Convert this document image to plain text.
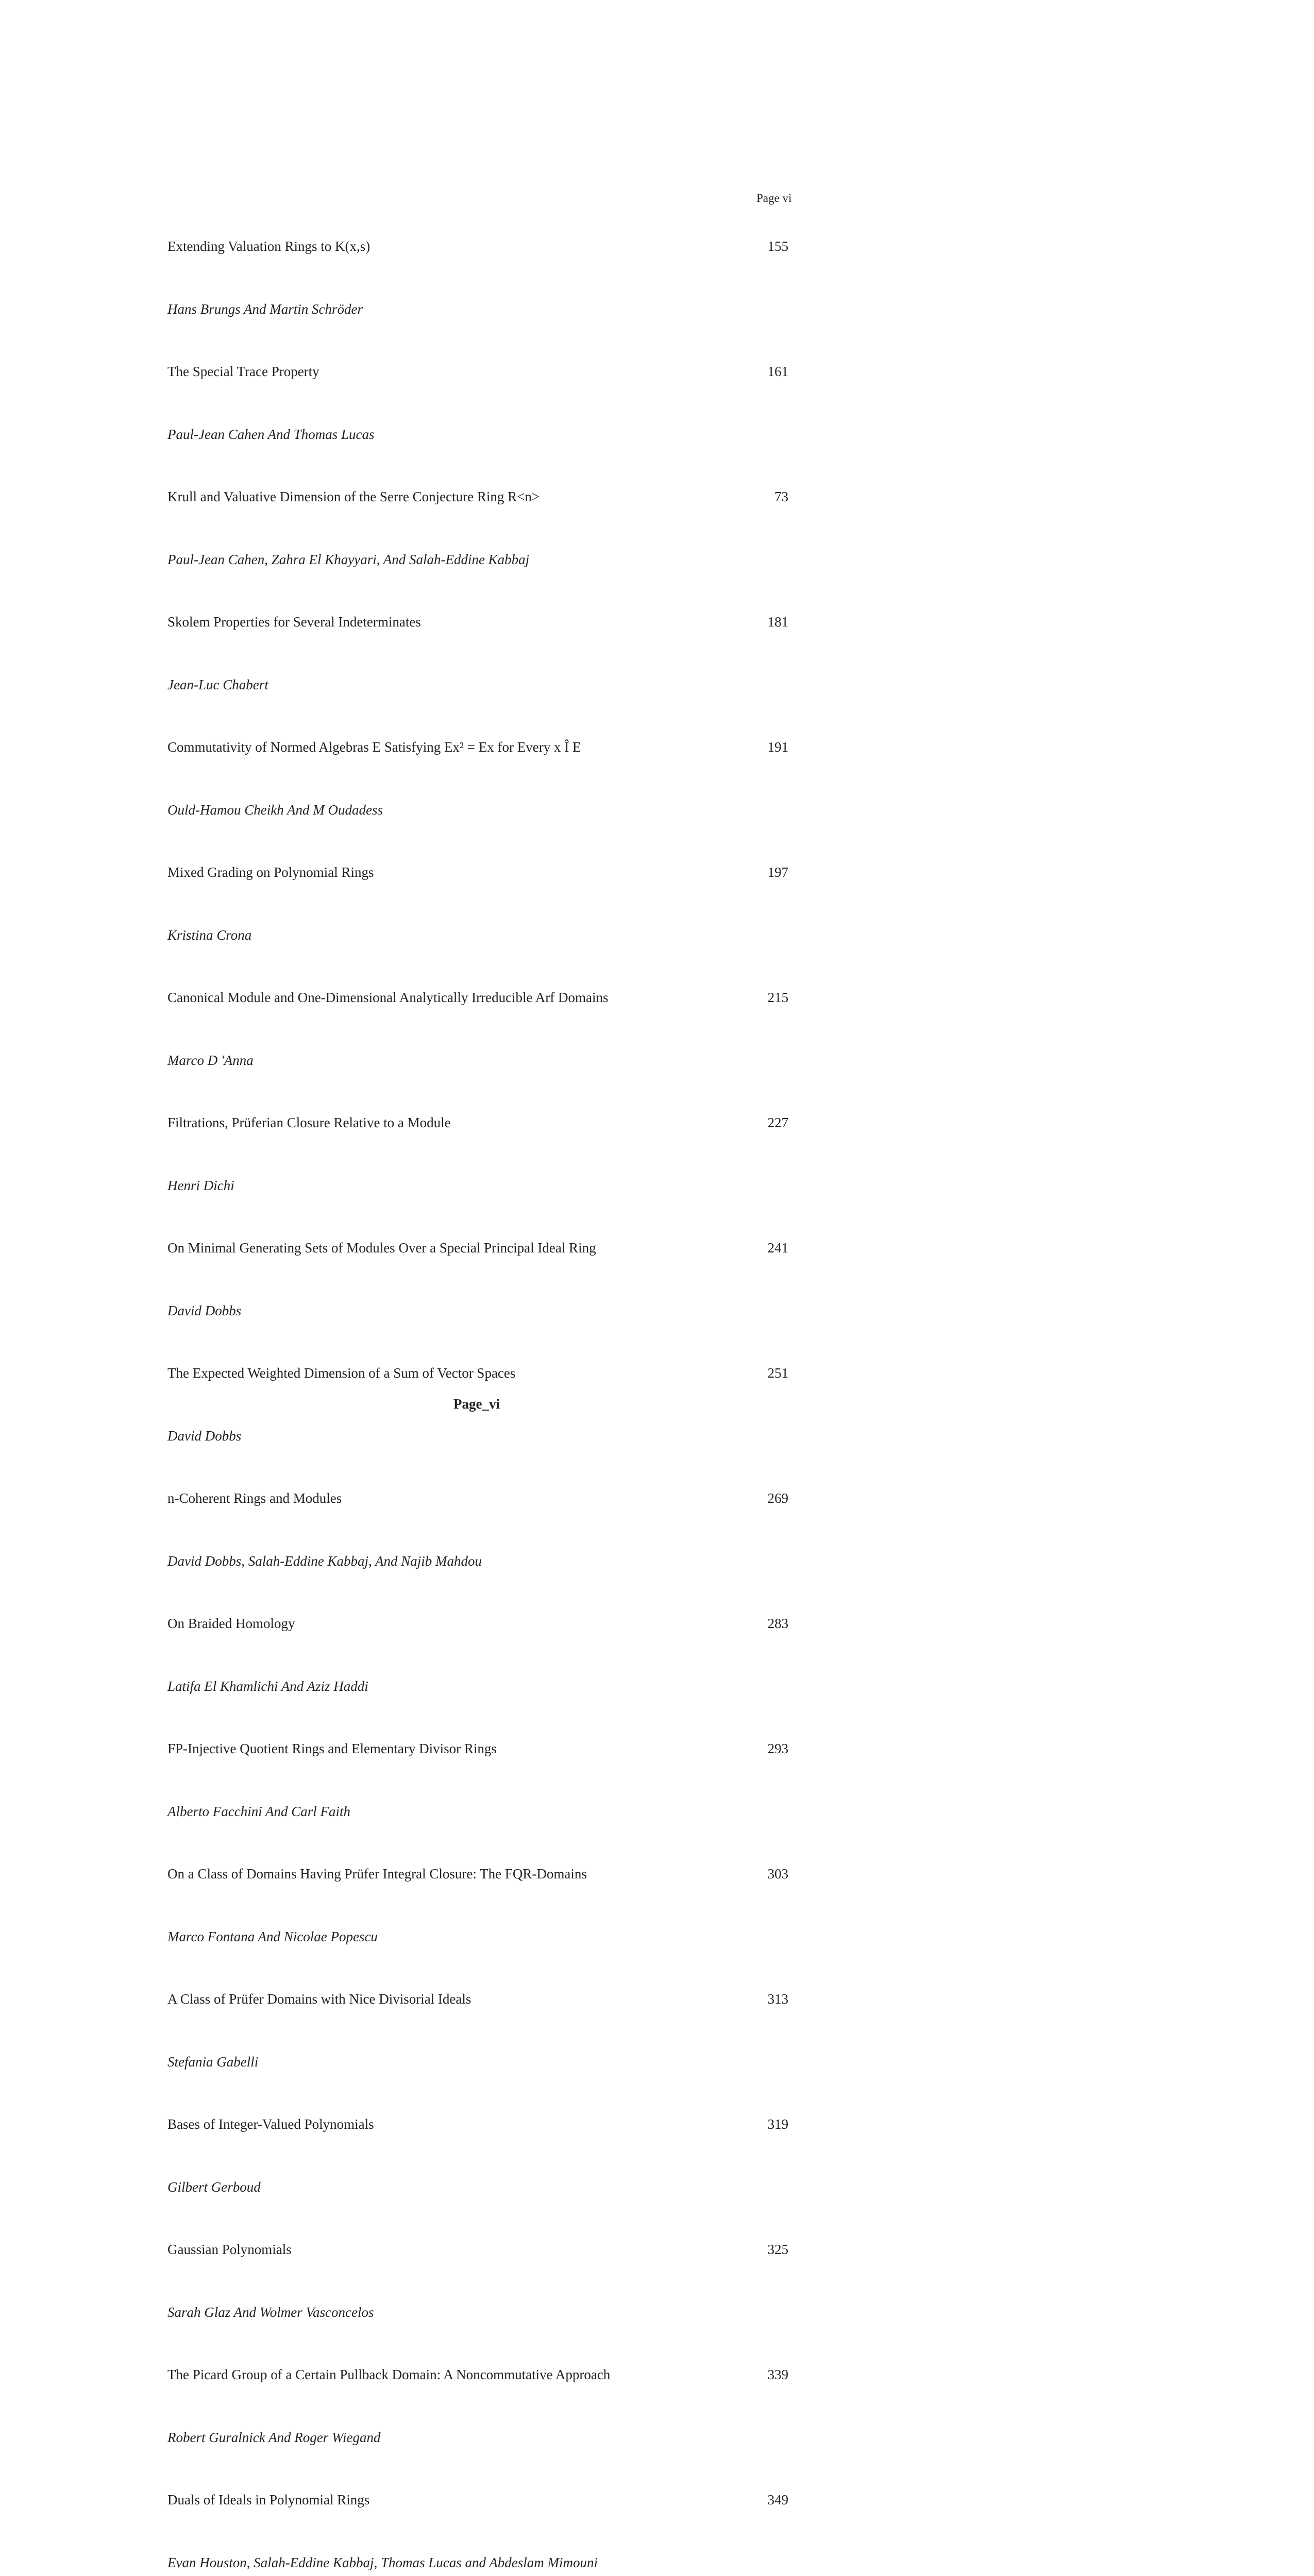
Page vi
Extending Valuation Rings to K(x,s)	155
Hans Brungs And Martin Schröder
The Special Trace Property	161
Paul-Jean Cahen And Thomas Lucas
Krull and Valuative Dimension of the Serre Conjecture Ring R<n>	73
Paul-Jean Cahen, Zahra El Khayyari, And Salah-Eddine Kabbaj
Skolem Properties for Several Indeterminates	181
Jean-Luc Chabert
Commutativity of Normed Algebras E Satisfying Ex² = Ex for Every x Î E	191
Ould-Hamou Cheikh And M Oudadess
Mixed Grading on Polynomial Rings	197
Kristina Crona
Canonical Module and One-Dimensional Analytically Irreducible Arf Domains	215
Marco D 'Anna
Filtrations, Prüferian Closure Relative to a Module	227
Henri Dichi
On Minimal Generating Sets of Modules Over a Special Principal Ideal Ring	241
David Dobbs
The Expected Weighted Dimension of a Sum of Vector Spaces	251
David Dobbs
n-Coherent Rings and Modules	269
David Dobbs, Salah-Eddine Kabbaj, And Najib Mahdou
On Braided Homology	283
Latifa El Khamlichi And Aziz Haddi
FP-Injective Quotient Rings and Elementary Divisor Rings	293
Alberto Facchini And Carl Faith
On a Class of Domains Having Prüfer Integral Closure: The FQR-Domains	303
Marco Fontana And Nicolae Popescu
A Class of Prüfer Domains with Nice Divisorial Ideals	313
Stefania Gabelli
Bases of Integer-Valued Polynomials	319
Gilbert Gerboud
Gaussian Polynomials	325
Sarah Glaz And Wolmer Vasconcelos
The Picard Group of a Certain Pullback Domain: A Noncommutative Approach	339
Robert Guralnick And Roger Wiegand
Duals of Ideals in Polynomial Rings	349
Evan Houston, Salah-Eddine Kabbaj, Thomas Lucas and Abdeslam Mimouni
Page_vi
